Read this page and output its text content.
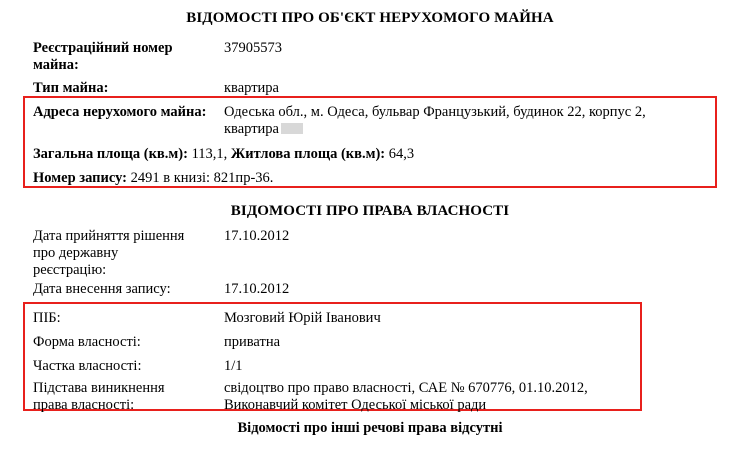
ВІДОМОСТІ ПРО ОБ'ЄКТ НЕРУХОМОГО МАЙНА
Реєстраційний номер майна:
37905573
Тип майна:	квартира
Адреса нерухомого майна:	Одеська обл., м. Одеса, бульвар Французький, будинок 22, корпус 2,
квартира
Загальна площа (кв.м): 113,1, Житлова площа (кв.м): 64,3
Номер запису: 2491 в книзі: 821пр-36.
ВІДОМОСТІ ПРО ПРАВА ВЛАСНОСТІ
Дата прийняття рішення
про державну
реєстрацію:
17.10.2012
Дата внесення запису:	17.10.2012
ПІБ:	Мозговий Юрій Іванович
Форма власності:	приватна
Частка власності:	1/1
Підстава виникнення
права власності:
свідоцтво про право власності, САЕ № 670776, 01.10.2012,
Виконавчий комітет Одеської міської ради
Відомості про інші речові права відсутні
